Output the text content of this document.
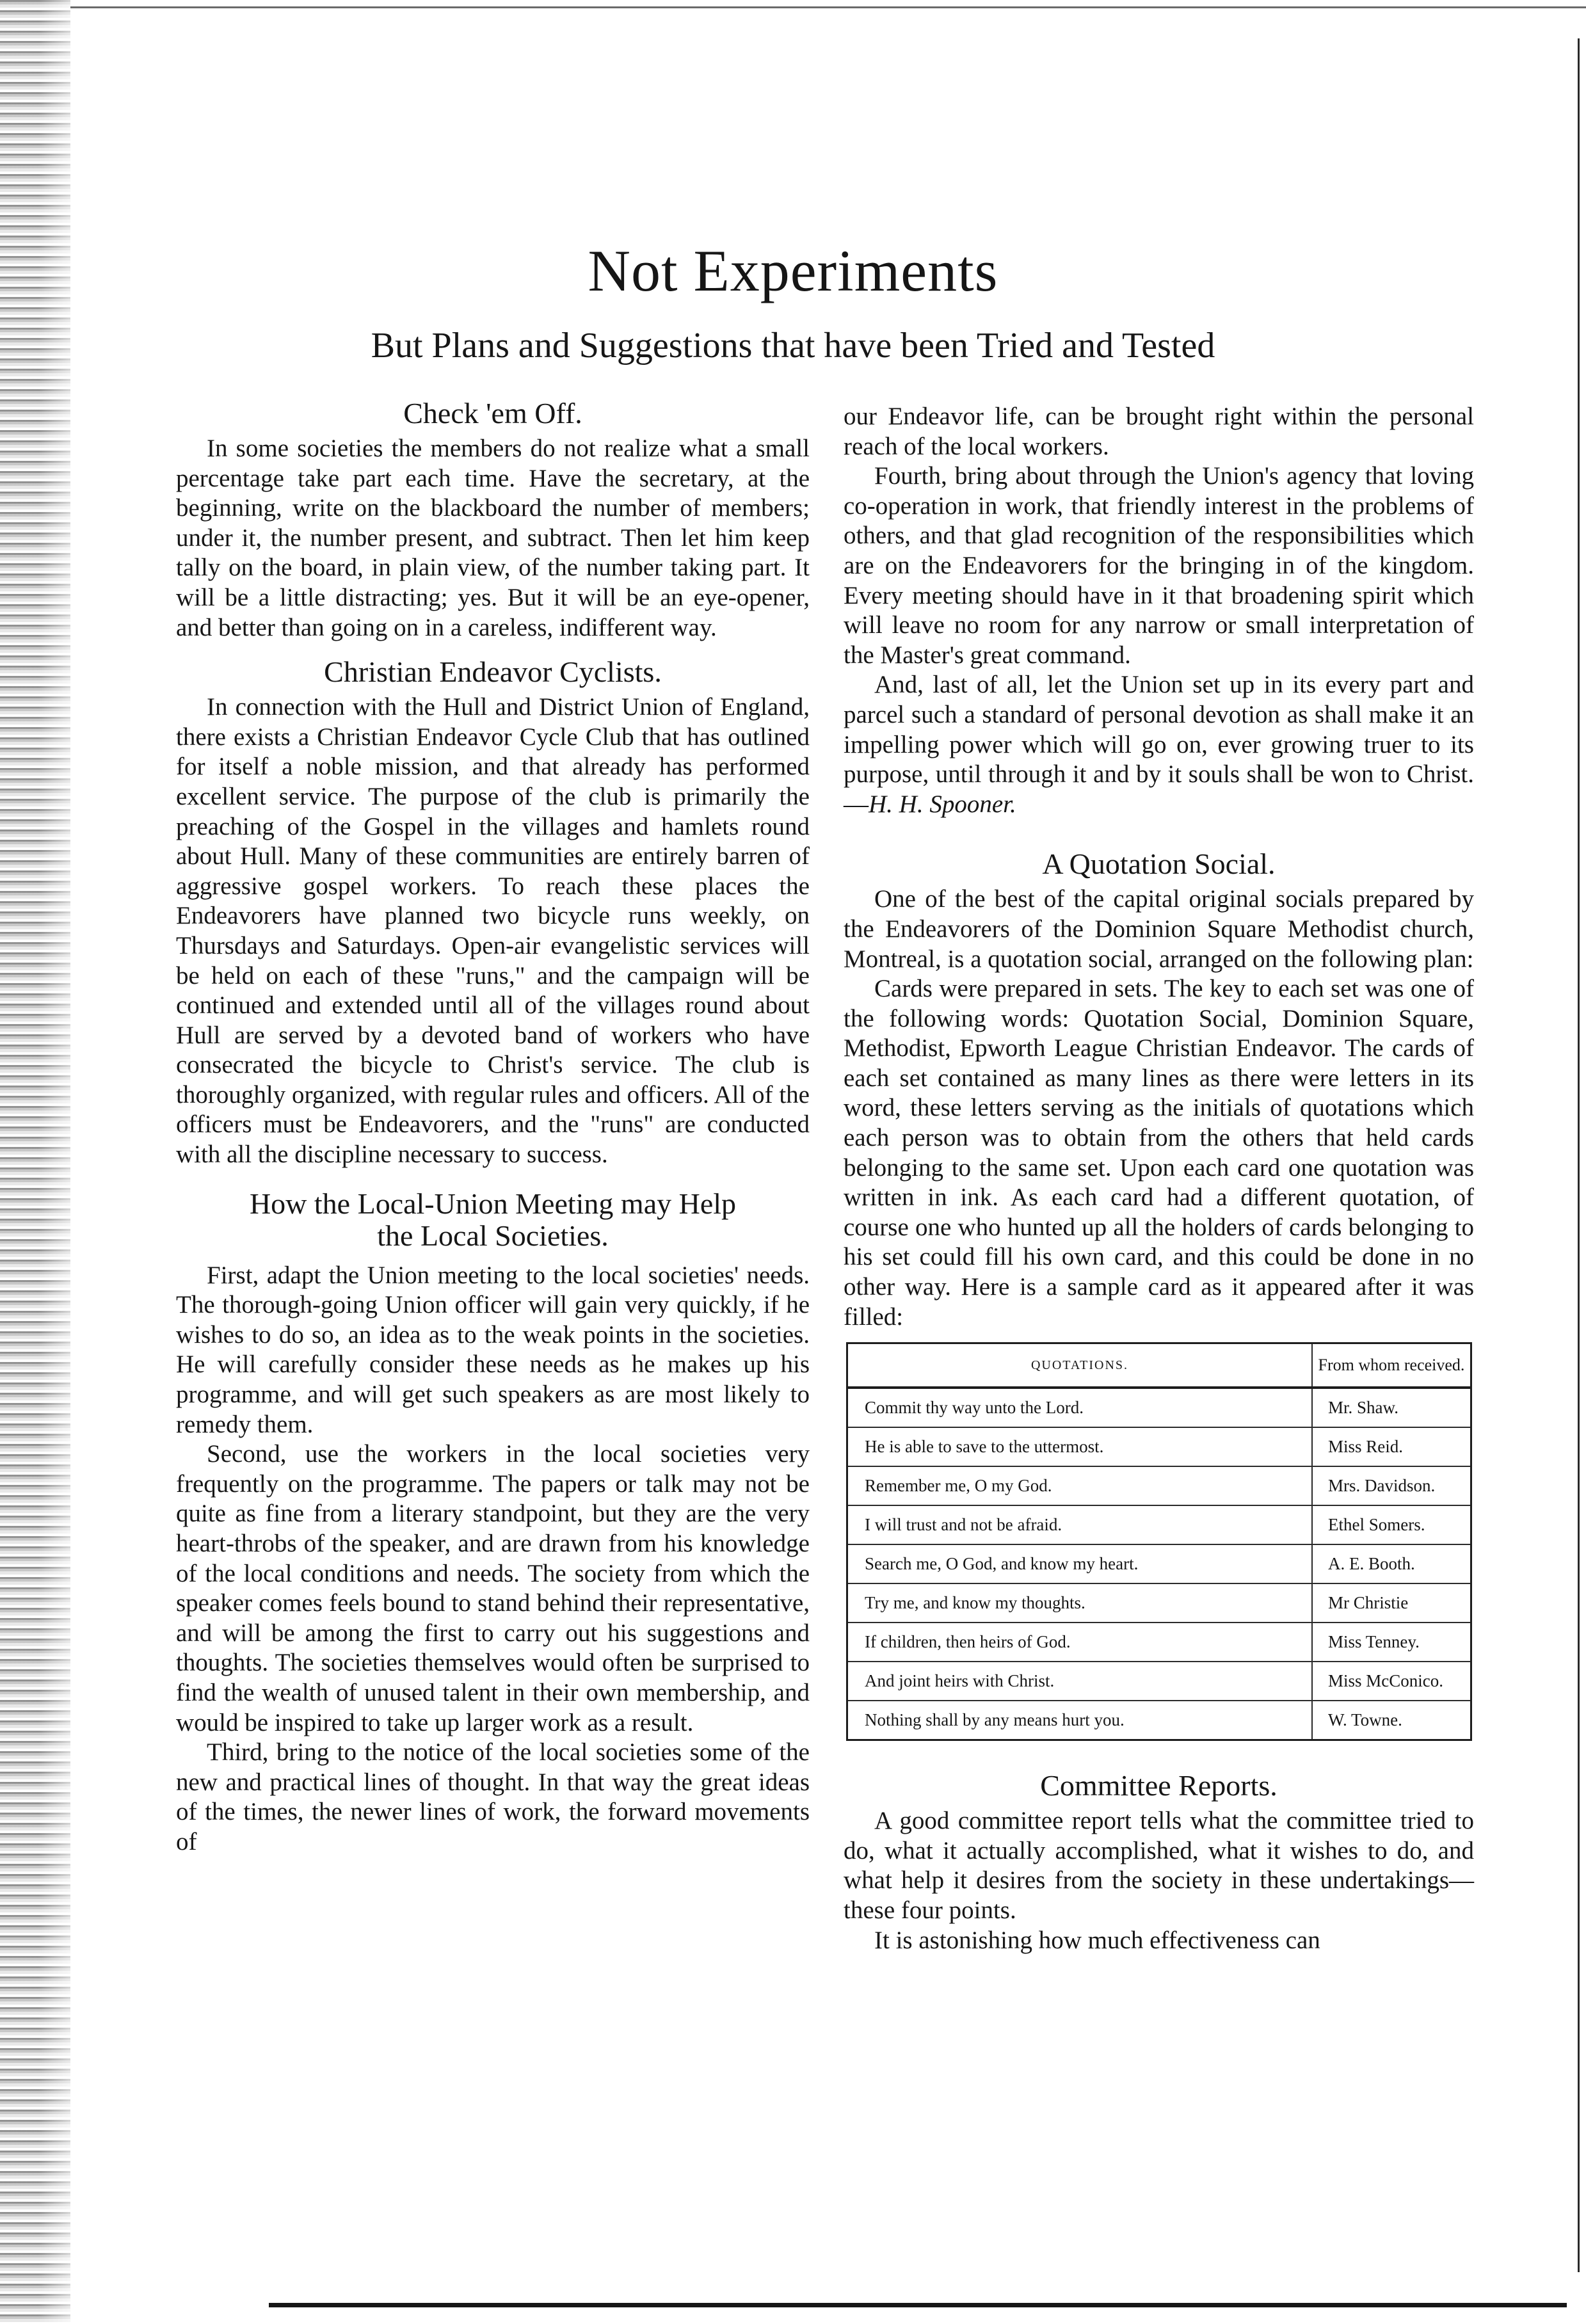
Not Experiments
But Plans and Suggestions that have been Tried and Tested
Check 'em Off.

In some societies the members do not realize what a small percentage take part each time. Have the secretary, at the beginning, write on the blackboard the number of members; under it, the number present, and subtract. Then let him keep tally on the board, in plain view, of the number taking part. It will be a little distracting; yes. But it will be an eye-opener, and better than going on in a careless, indifferent way.

Christian Endeavor Cyclists.

In connection with the Hull and District Union of England, there exists a Christian Endeavor Cycle Club that has outlined for itself a noble mission, and that already has performed excellent service. The purpose of the club is primarily the preaching of the Gospel in the villages and hamlets round about Hull. Many of these communities are entirely barren of aggressive gospel workers. To reach these places the Endeavorers have planned two bicycle runs weekly, on Thursdays and Saturdays. Open-air evangelistic services will be held on each of these "runs," and the campaign will be continued and extended until all of the villages round about Hull are served by a devoted band of workers who have consecrated the bicycle to Christ's service. The club is thoroughly organized, with regular rules and officers. All of the officers must be Endeavorers, and the "runs" are conducted with all the discipline necessary to success.

How the Local-Union Meeting may Help
the Local Societies.

First, adapt the Union meeting to the local societies' needs. The thorough-going Union officer will gain very quickly, if he wishes to do so, an idea as to the weak points in the societies. He will carefully consider these needs as he makes up his programme, and will get such speakers as are most likely to remedy them.

Second, use the workers in the local societies very frequently on the programme. The papers or talk may not be quite as fine from a literary standpoint, but they are the very heart-throbs of the speaker, and are drawn from his knowledge of the local conditions and needs. The society from which the speaker comes feels bound to stand behind their representative, and will be among the first to carry out his suggestions and thoughts. The societies themselves would often be surprised to find the wealth of unused talent in their own membership, and would be inspired to take up larger work as a result.

Third, bring to the notice of the local societies some of the new and practical lines of thought. In that way the great ideas of the times, the newer lines of work, the forward movements of

our Endeavor life, can be brought right within the personal reach of the local workers.

Fourth, bring about through the Union's agency that loving co-operation in work, that friendly interest in the problems of others, and that glad recognition of the responsibilities which are on the Endeavorers for the bringing in of the kingdom. Every meeting should have in it that broadening spirit which will leave no room for any narrow or small interpretation of the Master's great command.

And, last of all, let the Union set up in its every part and parcel such a standard of personal devotion as shall make it an impelling power which will go on, ever growing truer to its purpose, until through it and by it souls shall be won to Christ.—H. H. Spooner.

A Quotation Social.

One of the best of the capital original socials prepared by the Endeavorers of the Dominion Square Methodist church, Montreal, is a quotation social, arranged on the following plan:

Cards were prepared in sets. The key to each set was one of the following words: Quotation Social, Dominion Square, Methodist, Epworth League Christian Endeavor. The cards of each set contained as many lines as there were letters in its word, these letters serving as the initials of quotations which each person was to obtain from the others that held cards belonging to the same set. Upon each card one quotation was written in ink. As each card had a different quotation, of course one who hunted up all the holders of cards belonging to his set could fill his own card, and this could be done in no other way. Here is a sample card as it appeared after it was filled:

QUOTATIONS.	From whom received.
Commit thy way unto the Lord.	Mr. Shaw.
He is able to save to the uttermost.	Miss Reid.
Remember me, O my God.	Mrs. Davidson.
I will trust and not be afraid.	Ethel Somers.
Search me, O God, and know my heart.	A. E. Booth.
Try me, and know my thoughts.	Mr Christie
If children, then heirs of God.	Miss Tenney.
And joint heirs with Christ.	Miss McConico.
Nothing shall by any means hurt you.	W. Towne.
Committee Reports.

A good committee report tells what the committee tried to do, what it actually accomplished, what it wishes to do, and what help it desires from the society in these undertakings—these four points.

It is astonishing how much effectiveness can
